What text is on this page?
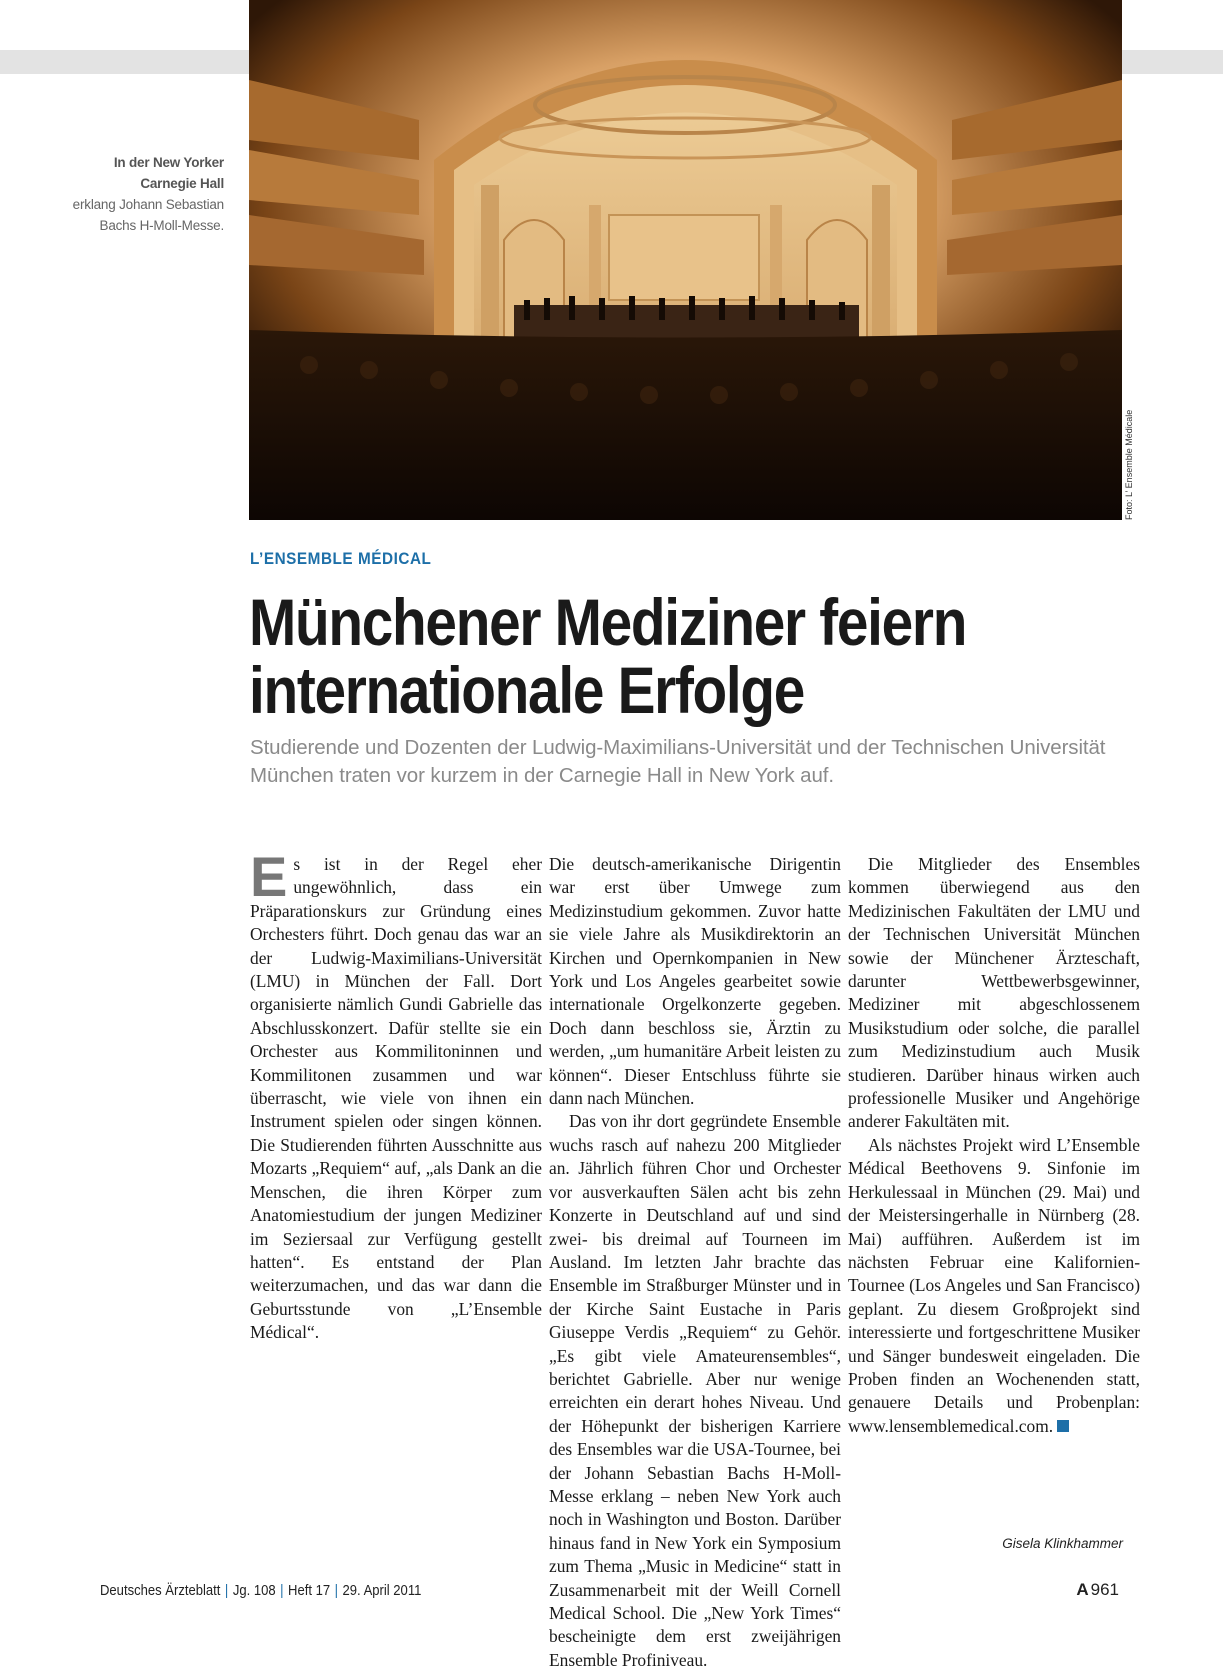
Foto: L’ Ensemble Médicale
In der New Yorker Carnegie Hall
erklang Johann Sebastian Bachs H-Moll-Messe.
L’ENSEMBLE MÉDICAL
Münchener Mediziner feiern
internationale Erfolge
Studierende und Dozenten der Ludwig-Maximilians-Universität und der Technischen Universität München traten vor kurzem in der Carnegie Hall in New York auf.

Es ist in der Regel eher ungewöhnlich, dass ein Präparationskurs zur Gründung eines Orchesters führt. Doch genau das war an der Ludwig-Maximilians-Universität (LMU) in München der Fall. Dort organisierte nämlich Gundi Gabrielle das Abschlusskonzert. Dafür stellte sie ein Orchester aus Kommilitoninnen und Kommilitonen zusammen und war überrascht, wie viele von ihnen ein Instrument spielen oder singen können. Die Studierenden führten Ausschnitte aus Mozarts „Requiem“ auf, „als Dank an die Menschen, die ihren Körper zum Anatomiestudium der jungen Mediziner im Seziersaal zur Verfügung gestellt hatten“. Es entstand der Plan weiterzumachen, und das war dann die Geburtsstunde von „L’Ensemble Médical“.

Die deutsch-amerikanische Dirigentin war erst über Umwege zum Medizinstudium gekommen. Zuvor hatte sie viele Jahre als Musikdirektorin an Kirchen und Opernkompanien in New York und Los Angeles gearbeitet sowie internationale Orgelkonzerte gegeben. Doch dann beschloss sie, Ärztin zu werden, „um humanitäre Arbeit leisten zu können“. Dieser Entschluss führte sie dann nach München.

Das von ihr dort gegründete Ensemble wuchs rasch auf nahezu 200 Mitglieder an. Jährlich führen Chor und Orchester vor ausverkauften Sälen acht bis zehn Konzerte in Deutschland auf und sind zwei- bis dreimal auf Tourneen im Ausland. Im letzten Jahr brachte das Ensemble im Straßburger Münster und in der Kirche Saint Eustache in Paris Giuseppe Verdis „Requiem“ zu Gehör. „Es gibt viele Amateurensembles“, berichtet Gabrielle. Aber nur wenige erreichten ein derart hohes Niveau. Und der Höhepunkt der bisherigen Karriere des Ensembles war die USA-Tournee, bei der Johann Sebastian Bachs H-Moll-Messe erklang – neben New York auch noch in Washington und Boston. Darüber hinaus fand in New York ein Symposium zum Thema „Music in Medicine“ statt in Zusammenarbeit mit der Weill Cornell Medical School. Die „New York Times“ bescheinigte dem erst zweijährigen Ensemble Profiniveau.

Die Mitglieder des Ensembles kommen überwiegend aus den Medizinischen Fakultäten der LMU und der Technischen Universität München sowie der Münchener Ärzteschaft, darunter Wettbewerbsgewinner, Mediziner mit abgeschlossenem Musikstudium oder solche, die parallel zum Medizinstudium auch Musik studieren. Darüber hinaus wirken auch professionelle Musiker und Angehörige anderer Fakultäten mit.

Als nächstes Projekt wird L’Ensemble Médical Beethovens 9. Sinfonie im Herkulessaal in München (29. Mai) und der Meistersingerhalle in Nürnberg (28. Mai) aufführen. Außerdem ist im nächsten Februar eine Kalifornien-Tournee (Los Angeles und San Francisco) geplant. Zu diesem Großprojekt sind interessierte und fortgeschrittene Musiker und Sänger bundesweit eingeladen. Die Proben finden an Wochenenden statt, genauere Details und Probenplan: www.lensemblemedical.com.

Gisela Klinkhammer
Deutsches Ärzteblatt | Jg. 108 | Heft 17 | 29. April 2011	A 961
